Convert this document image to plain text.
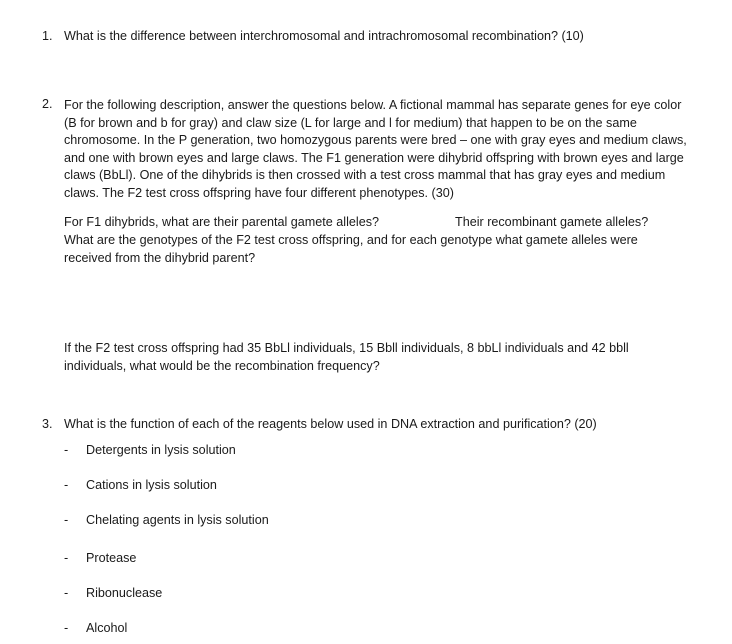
1. What is the difference between interchromosomal and intrachromosomal recombination? (10)
2. For the following description, answer the questions below. A fictional mammal has separate genes for eye color (B for brown and b for gray) and claw size (L for large and l for medium) that happen to be on the same chromosome. In the P generation, two homozygous parents were bred – one with gray eyes and medium claws, and one with brown eyes and large claws. The F1 generation were dihybrid offspring with brown eyes and large claws (BbLl). One of the dihybrids is then crossed with a test cross mammal that has gray eyes and medium claws. The F2 test cross offspring have four different phenotypes. (30)
For F1 dihybrids, what are their parental gamete alleles?	Their recombinant gamete alleles?
What are the genotypes of the F2 test cross offspring, and for each genotype what gamete alleles were received from the dihybrid parent?
If the F2 test cross offspring had 35 BbLl individuals, 15 Bbll individuals, 8 bbLl individuals and 42 bbll individuals, what would be the recombination frequency?
3. What is the function of each of the reagents below used in DNA extraction and purification? (20)
- Detergents in lysis solution
- Cations in lysis solution
- Chelating agents in lysis solution
- Protease
- Ribonuclease
- Alcohol
